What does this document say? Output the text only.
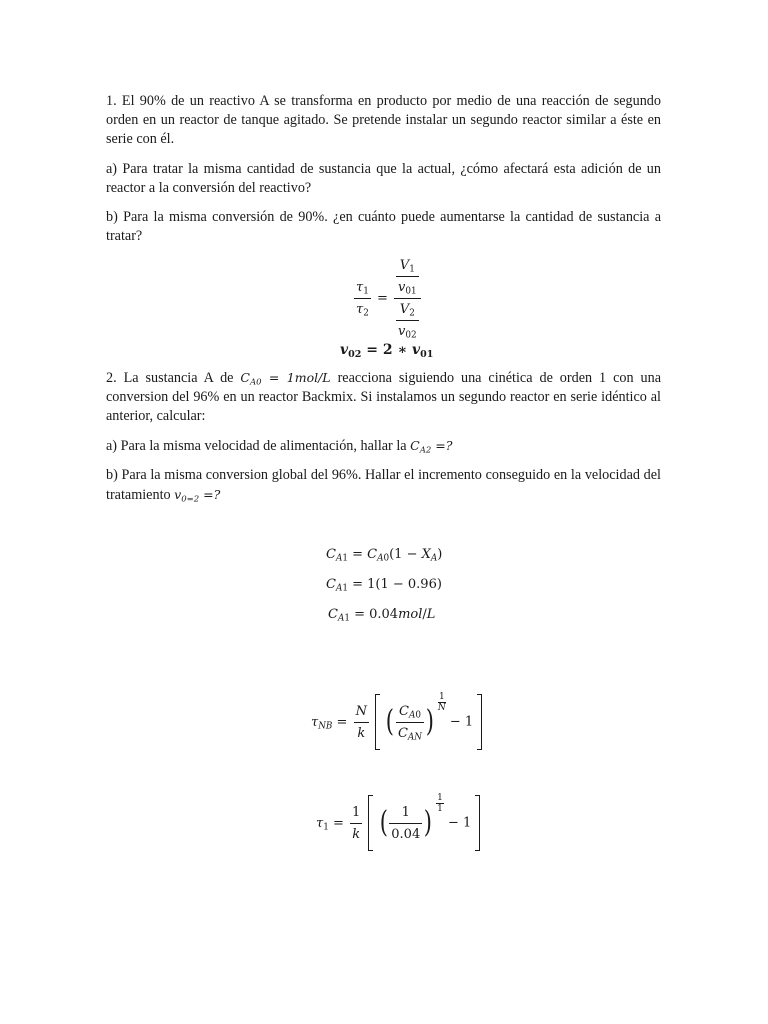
1. El 90% de un reactivo A se transforma en producto por medio de una reacción de segundo orden en un reactor de tanque agitado. Se pretende instalar un segundo reactor similar a éste en serie con él.

a) Para tratar la misma cantidad de sustancia que la actual, ¿cómo afectará esta adición de un reactor a la conversión del reactivo?

b) Para la misma conversión de 90%. ¿en cuánto puede aumentarse la cantidad de sustancia a tratar?

$\frac{\tau_1}{\tau_2} = \frac{\frac{V_1}{v_{01}}}{\frac{V_2}{v_{02}}}$
$v_{02} = 2$ ∗ $v_{01}$

2. La sustancia A de $C_{A0} = 1mol/L$ reacciona siguiendo una cinética de orden 1 con una conversion del 96% en un reactor Backmix. Si instalamos un segundo reactor en serie idéntico al anterior, calcular:

a) Para la misma velocidad de alimentación, hallar la $C_{A2}$ =?

b) Para la misma conversion global del 96%. Hallar el incremento conseguido en la velocidad del tratamiento $v_{0=2}$ =?

$C_{A1} = C_{A0}(1 - X_A)$
$C_{A1} = 1(1 - 0.96)$
$C_{A1} = 0.04mol/L$
$\tau_{NB} = \frac{N}{k}$ ( $\frac{C_{A0}}{C_{AN}}$ )
$\frac{1}{N}$
− 1
$\tau_1 = \frac{1}{k}$ ( $\frac{1}{0.04}$ )
$\frac{1}{1}$
− 1
